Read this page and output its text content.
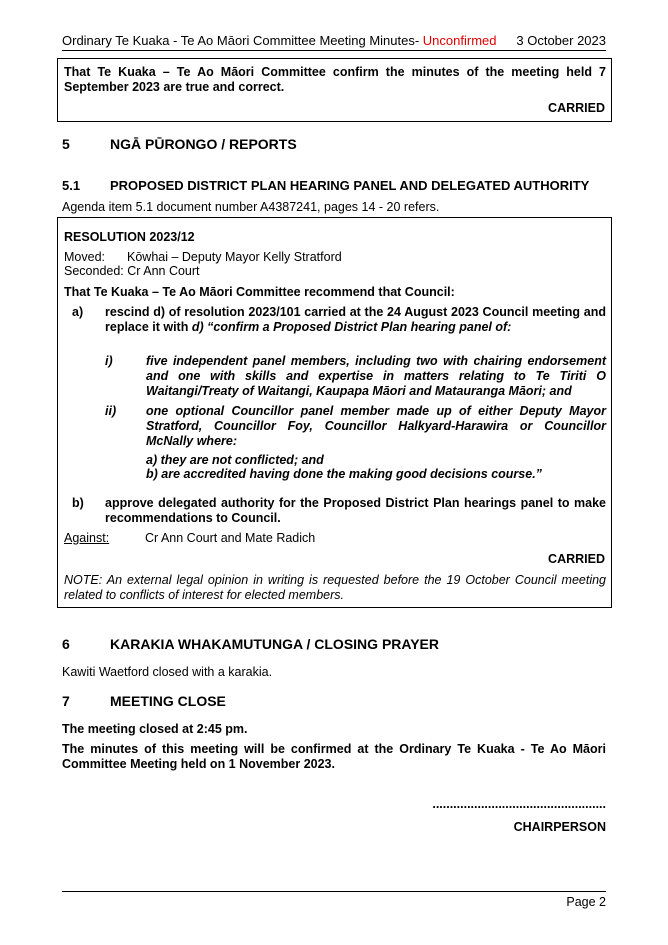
Ordinary Te Kuaka - Te Ao Māori Committee Meeting Minutes- Unconfirmed 3 October 2023
That Te Kuaka – Te Ao Māori Committee confirm the minutes of the meeting held 7 September 2023 are true and correct.
CARRIED
5	NGĀ PŪRONGO / REPORTS
5.1 PROPOSED DISTRICT PLAN HEARING PANEL AND DELEGATED AUTHORITY
Agenda item 5.1 document number A4387241, pages 14 - 20 refers.
RESOLUTION 2023/12
Moved: Kōwhai – Deputy Mayor Kelly Stratford
Seconded: Cr Ann Court
That Te Kuaka – Te Ao Māori Committee recommend that Council:
a) rescind d) of resolution 2023/101 carried at the 24 August 2023 Council meeting and replace it with d) “confirm a Proposed District Plan hearing panel of:
i)	five independent panel members, including two with chairing endorsement and one with skills and expertise in matters relating to Te Tiriti O Waitangi/Treaty of Waitangi, Kaupapa Māori and Matauranga Māori; and
ii) one optional Councillor panel member made up of either Deputy Mayor Stratford, Councillor Foy, Councillor Halkyard-Harawira or Councillor McNally where:
a) they are not conflicted; and
b) are accredited having done the making good decisions course.”
b) approve delegated authority for the Proposed District Plan hearings panel to make recommendations to Council.
Against:	Cr Ann Court and Mate Radich
CARRIED
NOTE: An external legal opinion in writing is requested before the 19 October Council meeting related to conflicts of interest for elected members.
6	KARAKIA WHAKAMUTUNGA / CLOSING PRAYER
Kawiti Waetford closed with a karakia.
7	MEETING CLOSE
The meeting closed at 2:45 pm.
The minutes of this meeting will be confirmed at the Ordinary Te Kuaka - Te Ao Māori Committee Meeting held on 1 November 2023.
..................................................
CHAIRPERSON
Page 2
